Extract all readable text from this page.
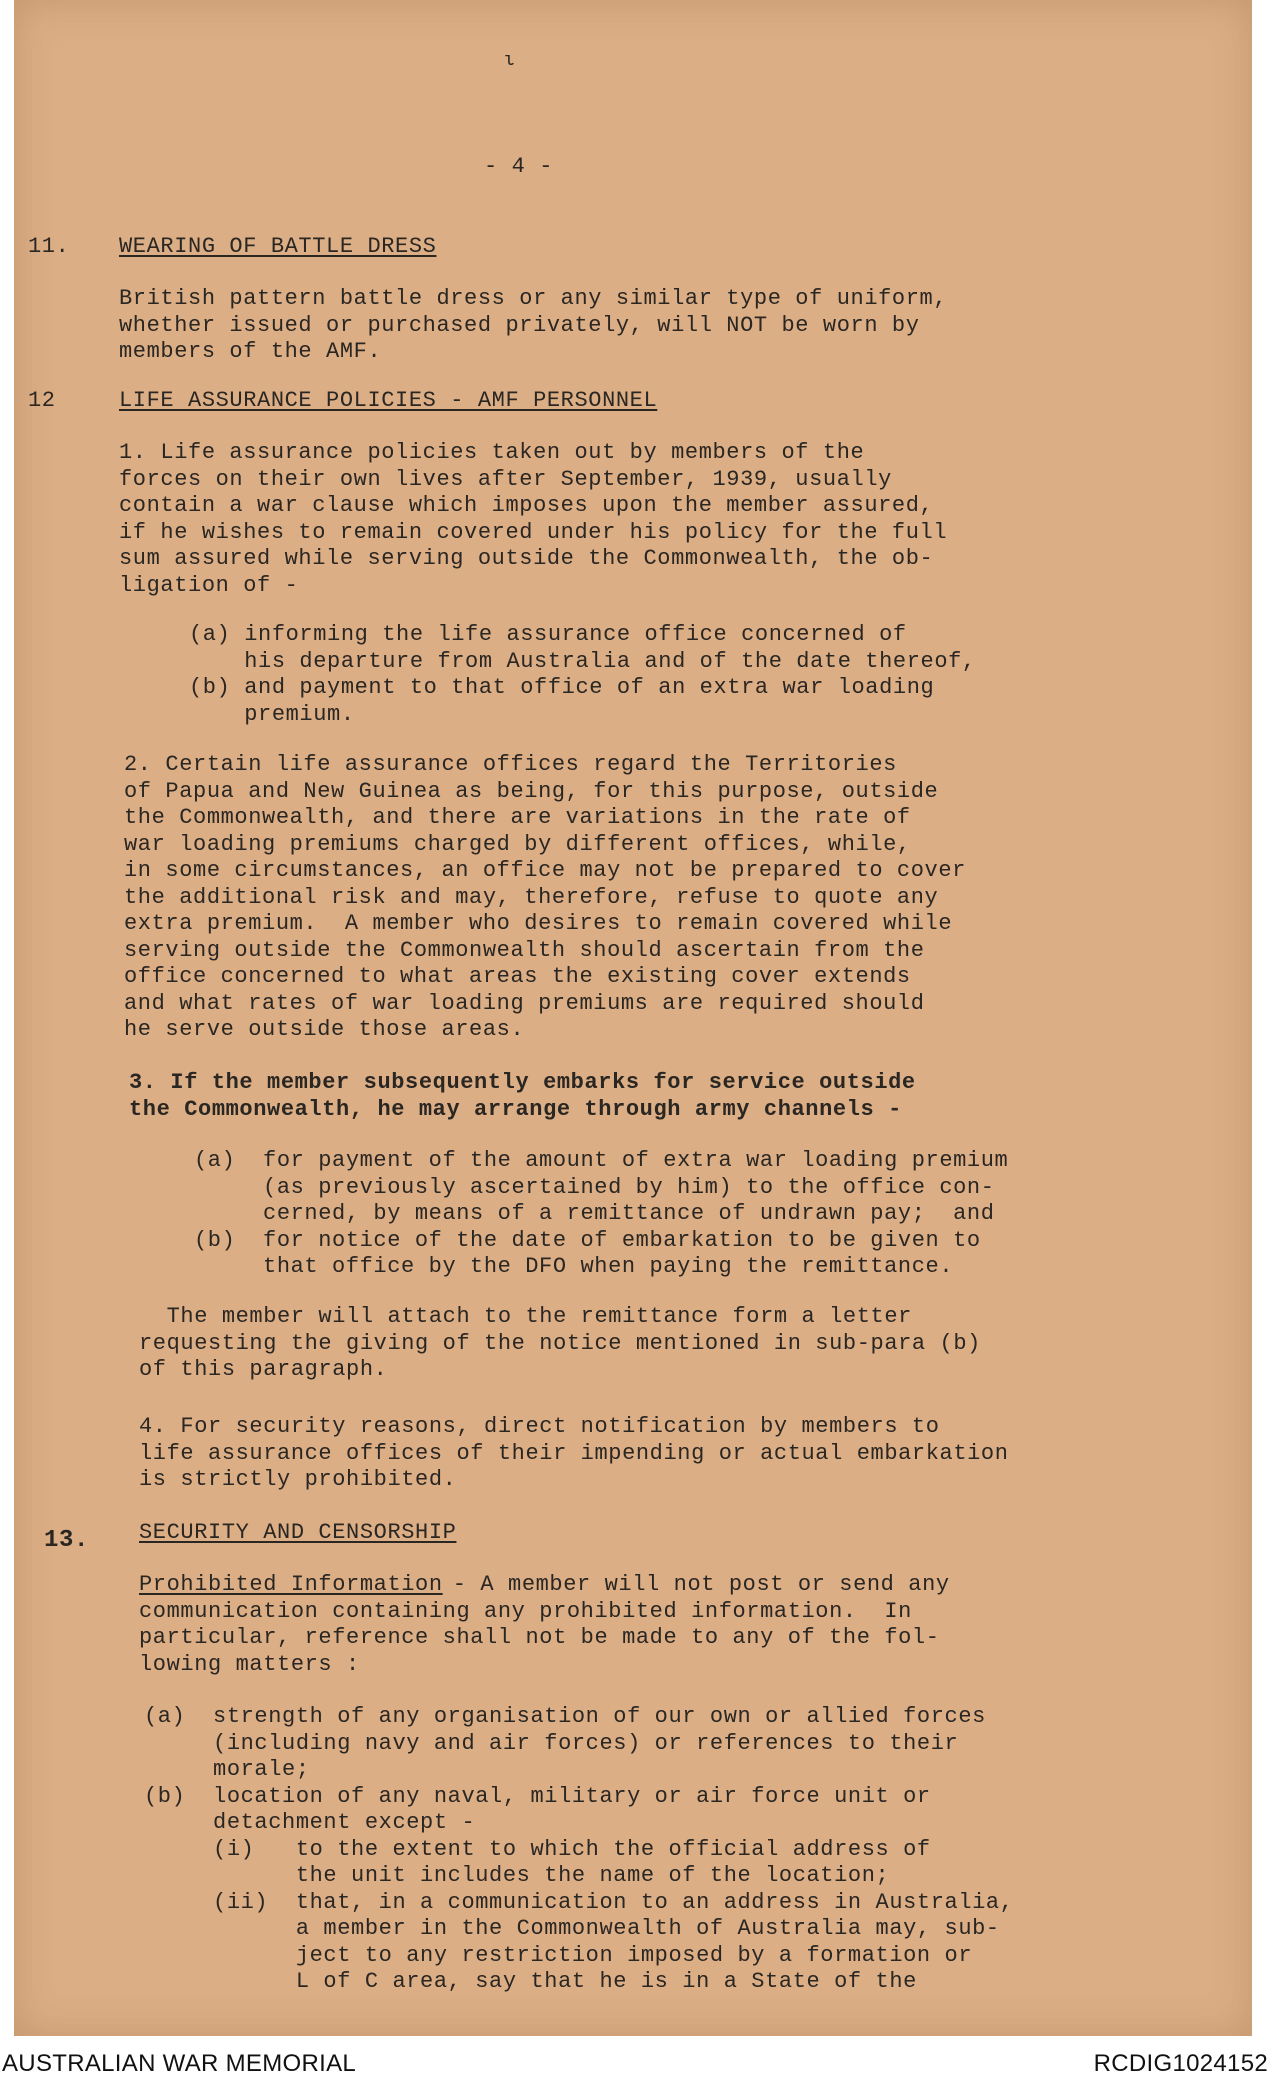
ι
- 4 -
11. WEARING OF BATTLE DRESS
British pattern battle dress or any similar type of uniform,
whether issued or purchased privately, will NOT be worn by
members of the AMF.
12	LIFE ASSURANCE POLICIES - AMF PERSONNEL
1. Life assurance policies taken out by members of the
forces on their own lives after September, 1939, usually
contain a war clause which imposes upon the member assured,
if he wishes to remain covered under his policy for the full
sum assured while serving outside the Commonwealth, the ob-
ligation of -
(a) informing the life assurance office concerned of
his departure from Australia and of the date thereof,
(b) and payment to that office of an extra war loading
premium.
2. Certain life assurance offices regard the Territories
of Papua and New Guinea as being, for this purpose, outside
the Commonwealth, and there are variations in the rate of
war loading premiums charged by different offices, while,
in some circumstances, an office may not be prepared to cover
the additional risk and may, therefore, refuse to quote any
extra premium.  A member who desires to remain covered while
serving outside the Commonwealth should ascertain from the
office concerned to what areas the existing cover extends
and what rates of war loading premiums are required should
he serve outside those areas.
3. If the member subsequently embarks for service outside
the Commonwealth, he may arrange through army channels -
(a)  for payment of the amount of extra war loading premium
(as previously ascertained by him) to the office con-
cerned, by means of a remittance of undrawn pay;  and
(b)  for notice of the date of embarkation to be given to
that office by the DFO when paying the remittance.
The member will attach to the remittance form a letter
requesting the giving of the notice mentioned in sub-para (b)
of this paragraph.
4. For security reasons, direct notification by members to
life assurance offices of their impending or actual embarkation
is strictly prohibited.
13. SECURITY AND CENSORSHIP
Prohibited Information
- A member will not post or send any
communication containing any prohibited information.  In
particular, reference shall not be made to any of the fol-
lowing matters :
(a)  strength of any organisation of our own or allied forces
(including navy and air forces) or references to their
morale;
(b)  location of any naval, military or air force unit or
detachment except -
(i)   to the extent to which the official address of
the unit includes the name of the location;
(ii)  that, in a communication to an address in Australia,
a member in the Commonwealth of Australia may, sub-
ject to any restriction imposed by a formation or
L of C area, say that he is in a State of the
AUSTRALIAN WAR MEMORIAL	RCDIG1024152
